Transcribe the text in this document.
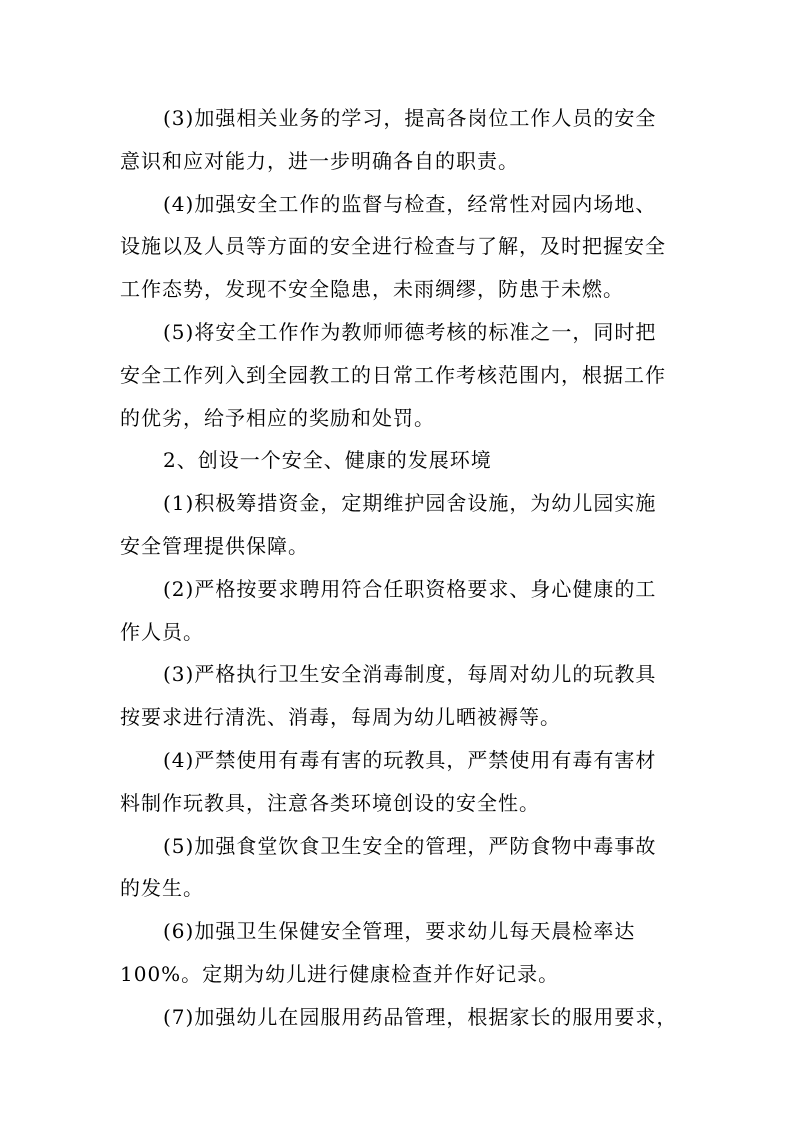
(3)加强相关业务的学习，提高各岗位工作人员的安全
意识和应对能力，进一步明确各自的职责。
(4)加强安全工作的监督与检查，经常性对园内场地、
设施以及人员等方面的安全进行检查与了解，及时把握安全
工作态势，发现不安全隐患，未雨绸缪，防患于未燃。
(5)将安全工作作为教师师德考核的标准之一，同时把
安全工作列入到全园教工的日常工作考核范围内，根据工作
的优劣，给予相应的奖励和处罚。
2、创设一个安全、健康的发展环境
(1)积极筹措资金，定期维护园舍设施，为幼儿园实施
安全管理提供保障。
(2)严格按要求聘用符合任职资格要求、身心健康的工
作人员。
(3)严格执行卫生安全消毒制度，每周对幼儿的玩教具
按要求进行清洗、消毒，每周为幼儿晒被褥等。
(4)严禁使用有毒有害的玩教具，严禁使用有毒有害材
料制作玩教具，注意各类环境创设的安全性。
(5)加强食堂饮食卫生安全的管理，严防食物中毒事故
的发生。
(6)加强卫生保健安全管理，要求幼儿每天晨检率达
100%。定期为幼儿进行健康检查并作好记录。
(7)加强幼儿在园服用药品管理，根据家长的服用要求，
